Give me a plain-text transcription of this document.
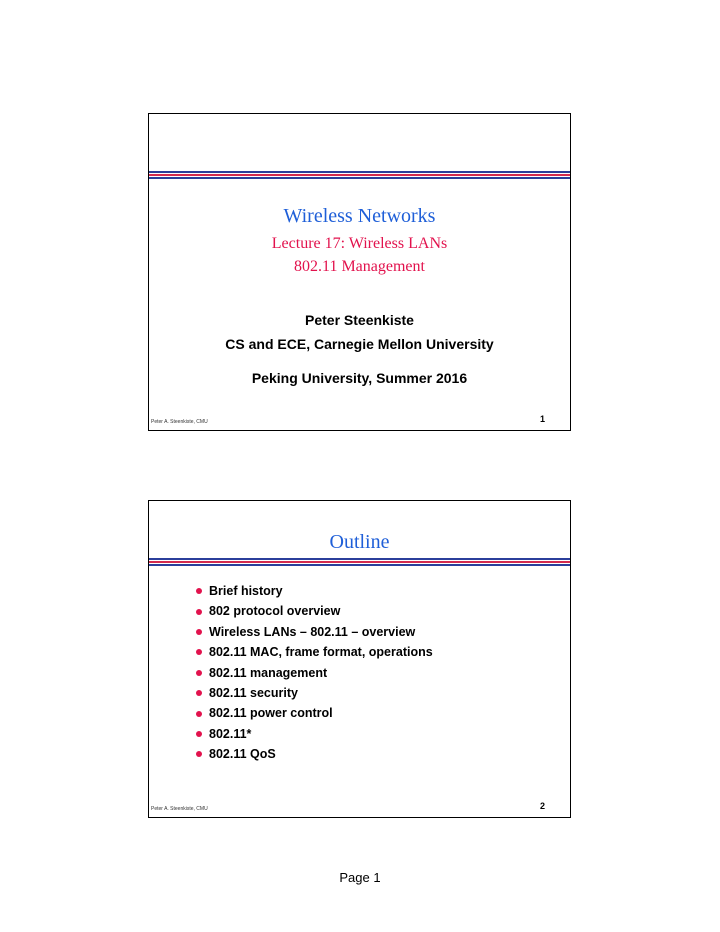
Wireless Networks
Lecture 17: Wireless LANs
802.11 Management
Peter Steenkiste
CS and ECE, Carnegie Mellon University
Peking University, Summer 2016
Peter A. Steenkiste, CMU	1
Outline
Brief history
802 protocol overview
Wireless LANs – 802.11 – overview
802.11 MAC, frame format, operations
802.11 management
802.11 security
802.11 power control
802.11*
802.11 QoS
Peter A. Steenkiste, CMU	2
Page 1
